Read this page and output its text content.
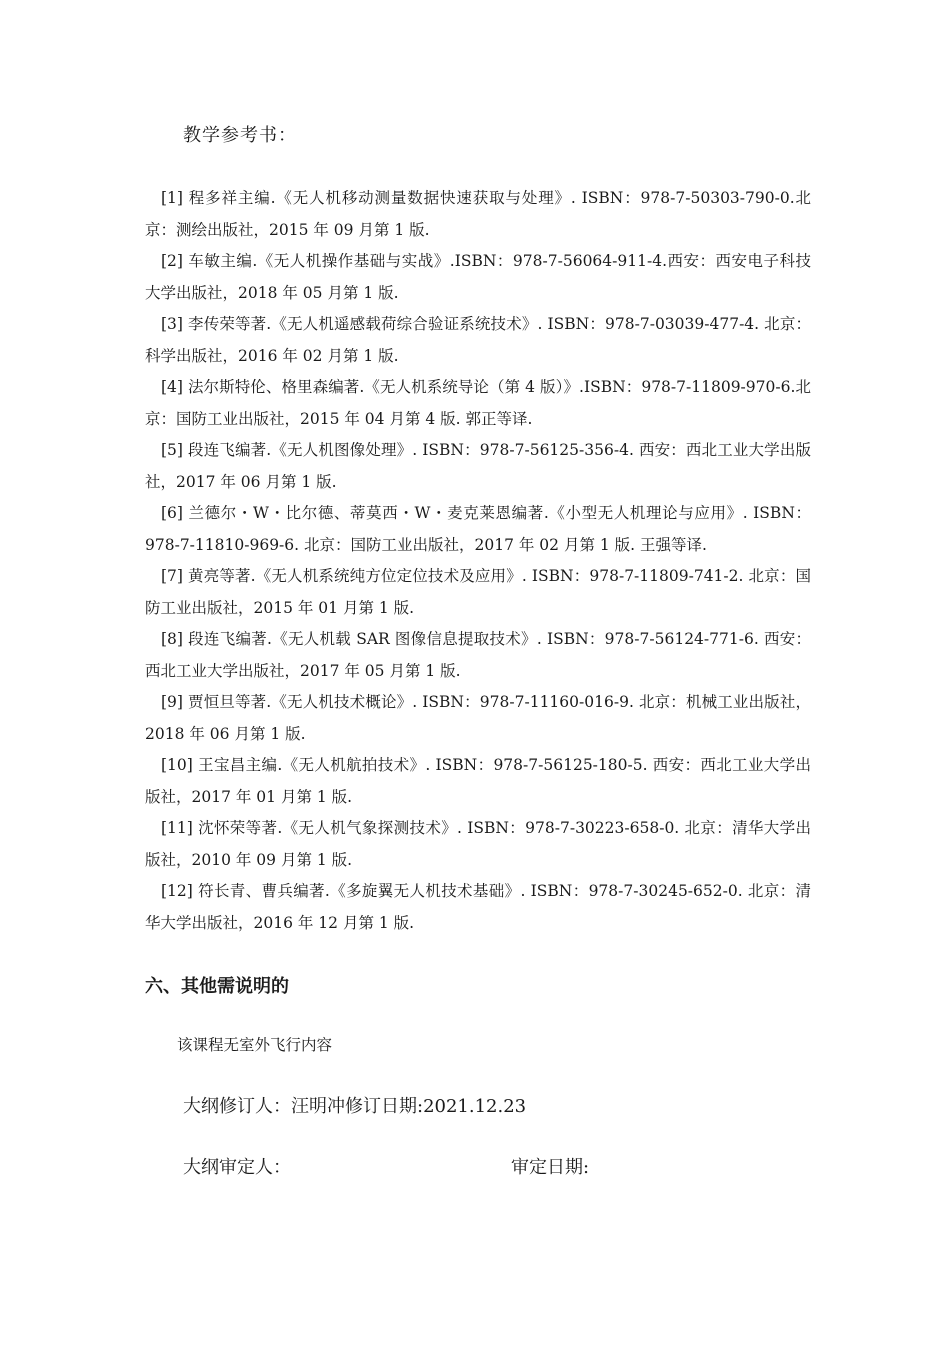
教学参考书：

[1] 程多祥主编.《无人机移动测量数据快速获取与处理》. ISBN：978-7-50303-790-0.北京：测绘出版社，2015 年 09 月第 1 版.

[2] 车敏主编.《无人机操作基础与实战》.ISBN：978-7-56064-911-4.西安：西安电子科技大学出版社，2018 年 05 月第 1 版.

[3] 李传荣等著.《无人机遥感载荷综合验证系统技术》. ISBN：978-7-03039-477-4. 北京：科学出版社，2016 年 02 月第 1 版.

[4] 法尔斯特伦、格里森编著.《无人机系统导论（第 4 版）》.ISBN：978-7-11809-970-6.北京：国防工业出版社，2015 年 04 月第 4 版. 郭正等译.

[5] 段连飞编著.《无人机图像处理》. ISBN：978-7-56125-356-4. 西安：西北工业大学出版社，2017 年 06 月第 1 版.

[6] 兰德尔・W・比尔德、蒂莫西・W・麦克莱恩编著.《小型无人机理论与应用》. ISBN：978-7-11810-969-6. 北京：国防工业出版社，2017 年 02 月第 1 版. 王强等译.

[7] 黄亮等著.《无人机系统纯方位定位技术及应用》. ISBN：978-7-11809-741-2. 北京：国防工业出版社，2015 年 01 月第 1 版.

[8] 段连飞编著.《无人机载 SAR 图像信息提取技术》. ISBN：978-7-56124-771-6. 西安：西北工业大学出版社，2017 年 05 月第 1 版.

[9] 贾恒旦等著.《无人机技术概论》. ISBN：978-7-11160-016-9. 北京：机械工业出版社，2018 年 06 月第 1 版.

[10] 王宝昌主编.《无人机航拍技术》. ISBN：978-7-56125-180-5. 西安：西北工业大学出版社，2017 年 01 月第 1 版.

[11] 沈怀荣等著.《无人机气象探测技术》. ISBN：978-7-30223-658-0. 北京：清华大学出版社，2010 年 09 月第 1 版.

[12] 符长青、曹兵编著.《多旋翼无人机技术基础》. ISBN：978-7-30245-652-0. 北京：清华大学出版社，2016 年 12 月第 1 版.

六、其他需说明的
该课程无室外飞行内容
大纲修订人：汪明冲修订日期:2021.12.23
大纲审定人：	审定日期:
